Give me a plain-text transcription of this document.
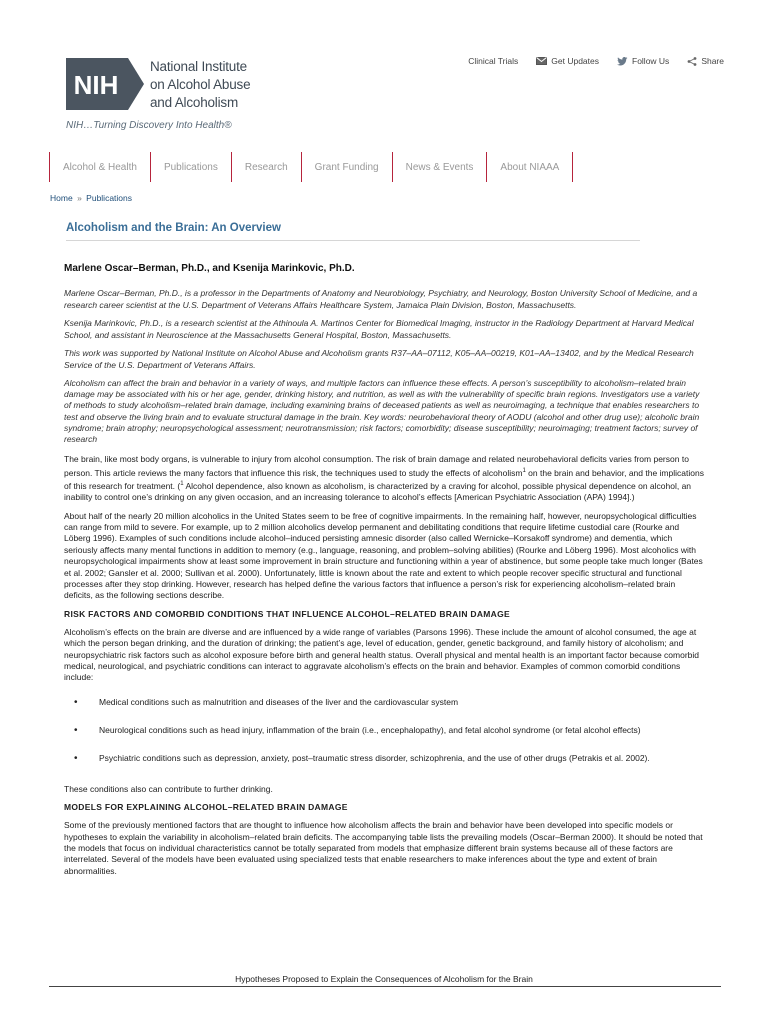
NIH
National Institute
on Alcohol Abuse
and Alcoholism
NIH…Turning Discovery Into Health®
Clinical Trials	Get Updates	Follow Us	Share
Alcohol & Health	Publications	Research	Grant Funding	News & Events	About NIAAA
Home » Publications
Alcoholism and the Brain: An Overview
Marlene Oscar–Berman, Ph.D., and Ksenija Marinkovic, Ph.D.

Marlene Oscar–Berman, Ph.D., is a professor in the Departments of Anatomy and Neurobiology, Psychiatry, and Neurology, Boston University School of Medicine, and a research career scientist at the U.S. Department of Veterans Affairs Healthcare System, Jamaica Plain Division, Boston, Massachusetts.

Ksenija Marinkovic, Ph.D., is a research scientist at the Athinoula A. Martinos Center for Biomedical Imaging, instructor in the Radiology Department at Harvard Medical School, and assistant in Neuroscience at the Massachusetts General Hospital, Boston, Massachusetts.

This work was supported by National Institute on Alcohol Abuse and Alcoholism grants R37–AA–07112, K05–AA–00219, K01–AA–13402, and by the Medical Research Service of the U.S. Department of Veterans Affairs.

Alcoholism can affect the brain and behavior in a variety of ways, and multiple factors can influence these effects. A person’s susceptibility to alcoholism–related brain damage may be associated with his or her age, gender, drinking history, and nutrition, as well as with the vulnerability of specific brain regions. Investigators use a variety of methods to study alcoholism–related brain damage, including examining brains of deceased patients as well as neuroimaging, a technique that enables researchers to test and observe the living brain and to evaluate structural damage in the brain. Key words: neurobehavioral theory of AODU (alcohol and other drug use); alcoholic brain syndrome; brain atrophy; neuropsychological assessment; neurotransmission; risk factors; comorbidity; disease susceptibility; neuroimaging; treatment factors; survey of research

The brain, like most body organs, is vulnerable to injury from alcohol consumption. The risk of brain damage and related neurobehavioral deficits varies from person to person. This article reviews the many factors that influence this risk, the techniques used to study the effects of alcoholism$^1$ on the brain and behavior, and the implications of this research for treatment. ($^1$ Alcohol dependence, also known as alcoholism, is characterized by a craving for alcohol, possible physical dependence on alcohol, an inability to control one’s drinking on any given occasion, and an increasing tolerance to alcohol’s effects [American Psychiatric Association (APA) 1994].)

About half of the nearly 20 million alcoholics in the United States seem to be free of cognitive impairments. In the remaining half, however, neuropsychological difficulties can range from mild to severe. For example, up to 2 million alcoholics develop permanent and debilitating conditions that require lifetime custodial care (Rourke and Löberg 1996). Examples of such conditions include alcohol–induced persisting amnesic disorder (also called Wernicke–Korsakoff syndrome) and dementia, which seriously affects many mental functions in addition to memory (e.g., language, reasoning, and problem–solving abilities) (Rourke and Löberg 1996). Most alcoholics with neuropsychological impairments show at least some improvement in brain structure and functioning within a year of abstinence, but some people take much longer (Bates et al. 2002; Gansler et al. 2000; Sullivan et al. 2000). Unfortunately, little is known about the rate and extent to which people recover specific structural and functional processes after they stop drinking. However, research has helped define the various factors that influence a person’s risk for experiencing alcoholism–related brain deficits, as the following sections describe.

RISK FACTORS AND COMORBID CONDITIONS THAT INFLUENCE ALCOHOL–RELATED BRAIN DAMAGE

Alcoholism’s effects on the brain are diverse and are influenced by a wide range of variables (Parsons 1996). These include the amount of alcohol consumed, the age at which the person began drinking, and the duration of drinking; the patient’s age, level of education, gender, genetic background, and family history of alcoholism; and neuropsychiatric risk factors such as alcohol exposure before birth and general health status. Overall physical and mental health is an important factor because comorbid medical, neurological, and psychiatric conditions can interact to aggravate alcoholism’s effects on the brain and behavior. Examples of common comorbid conditions include:

•	Medical conditions such as malnutrition and diseases of the liver and the cardiovascular system
•	Neurological conditions such as head injury, inflammation of the brain (i.e., encephalopathy), and fetal alcohol syndrome (or fetal alcohol effects)
•	Psychiatric conditions such as depression, anxiety, post–traumatic stress disorder, schizophrenia, and the use of other drugs (Petrakis et al. 2002).

These conditions also can contribute to further drinking.

MODELS FOR EXPLAINING ALCOHOL–RELATED BRAIN DAMAGE

Some of the previously mentioned factors that are thought to influence how alcoholism affects the brain and behavior have been developed into specific models or hypotheses to explain the variability in alcoholism–related brain deficits. The accompanying table lists the prevailing models (Oscar–Berman 2000). It should be noted that the models that focus on individual characteristics cannot be totally separated from models that emphasize different brain systems because all of these factors are interrelated. Several of the models have been evaluated using specialized tests that enable researchers to make inferences about the type and extent of brain abnormalities.

Hypotheses Proposed to Explain the Consequences of Alcoholism for the Brain
